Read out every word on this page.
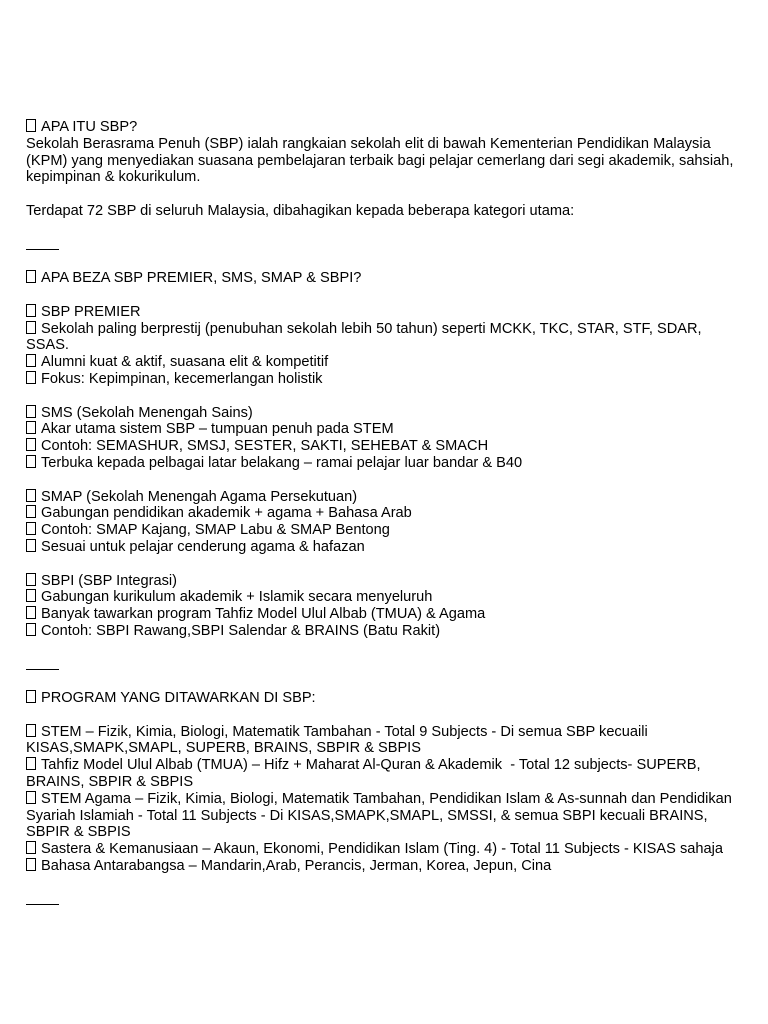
APA ITU SBP?

Sekolah Berasrama Penuh (SBP) ialah rangkaian sekolah elit di bawah Kementerian Pendidikan Malaysia (KPM) yang menyediakan suasana pembelajaran terbaik bagi pelajar cemerlang dari segi akademik, sahsiah, kepimpinan & kokurikulum.

Terdapat 72 SBP di seluruh Malaysia, dibahagikan kepada beberapa kategori utama:

APA BEZA SBP PREMIER, SMS, SMAP & SBPI?

SBP PREMIER

Sekolah paling berprestij (penubuhan sekolah lebih 50 tahun) seperti MCKK, TKC, STAR, STF, SDAR, SSAS.

Alumni kuat & aktif, suasana elit & kompetitif

Fokus: Kepimpinan, kecemerlangan holistik

SMS (Sekolah Menengah Sains)

Akar utama sistem SBP – tumpuan penuh pada STEM

Contoh: SEMASHUR, SMSJ, SESTER, SAKTI, SEHEBAT & SMACH

Terbuka kepada pelbagai latar belakang – ramai pelajar luar bandar & B40

SMAP (Sekolah Menengah Agama Persekutuan)

Gabungan pendidikan akademik + agama + Bahasa Arab

Contoh: SMAP Kajang, SMAP Labu & SMAP Bentong

Sesuai untuk pelajar cenderung agama & hafazan

SBPI (SBP Integrasi)

Gabungan kurikulum akademik + Islamik secara menyeluruh

Banyak tawarkan program Tahfiz Model Ulul Albab (TMUA) & Agama

Contoh: SBPI Rawang,SBPI Salendar & BRAINS (Batu Rakit)

PROGRAM YANG DITAWARKAN DI SBP:

STEM – Fizik, Kimia, Biologi, Matematik Tambahan - Total 9 Subjects - Di semua SBP kecuaili KISAS,SMAPK,SMAPL, SUPERB, BRAINS, SBPIR & SBPIS

Tahfiz Model Ulul Albab (TMUA) – Hifz + Maharat Al-Quran & Akademik  - Total 12 subjects- SUPERB, BRAINS, SBPIR & SBPIS

STEM Agama – Fizik, Kimia, Biologi, Matematik Tambahan, Pendidikan Islam & As-sunnah dan Pendidikan Syariah Islamiah - Total 11 Subjects - Di KISAS,SMAPK,SMAPL, SMSSI, & semua SBPI kecuali BRAINS, SBPIR & SBPIS

Sastera & Kemanusiaan – Akaun, Ekonomi, Pendidikan Islam (Ting. 4) - Total 11 Subjects - KISAS sahaja

Bahasa Antarabangsa – Mandarin,Arab, Perancis, Jerman, Korea, Jepun, Cina
